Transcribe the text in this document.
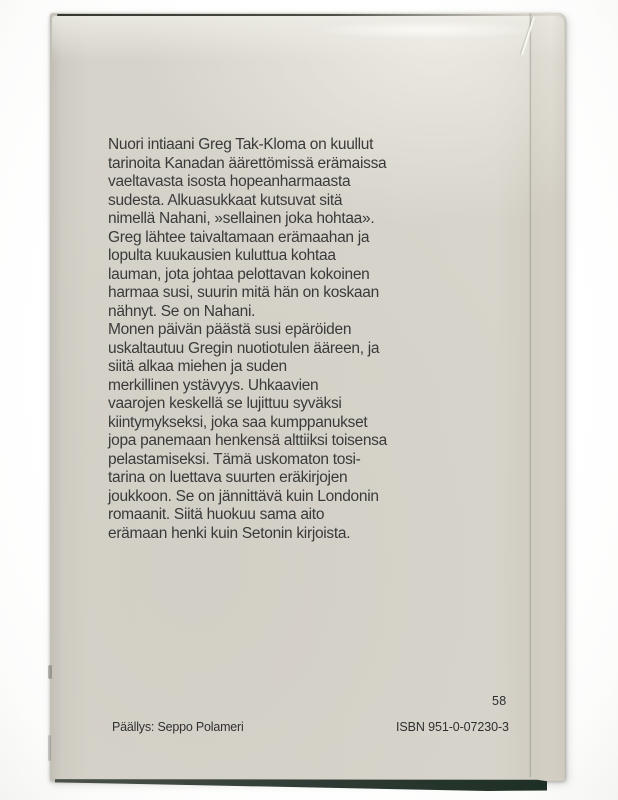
Nuori intiaani Greg Tak-Kloma on kuullut
tarinoita Kanadan äärettömissä erämaissa
vaeltavasta isosta hopeanharmaasta
sudesta. Alkuasukkaat kutsuvat sitä
nimellä Nahani, »sellainen joka hohtaa».
Greg lähtee taivaltamaan erämaahan ja
lopulta kuukausien kuluttua kohtaa
lauman, jota johtaa pelottavan kokoinen
harmaa susi, suurin mitä hän on koskaan
nähnyt. Se on Nahani.
Monen päivän päästä susi epäröiden
uskaltautuu Gregin nuotiotulen ääreen, ja
siitä alkaa miehen ja suden
merkillinen ystävyys. Uhkaavien
vaarojen keskellä se lujittuu syväksi
kiintymykseksi, joka saa kumppanukset
jopa panemaan henkensä alttiiksi toisensa
pelastamiseksi. Tämä uskomaton tosi-
tarina on luettava suurten eräkirjojen
joukkoon. Se on jännittävä kuin Londonin
romaanit. Siitä huokuu sama aito
erämaan henki kuin Setonin kirjoista.
58
Päällys: Seppo Polameri	ISBN 951-0-07230-3
